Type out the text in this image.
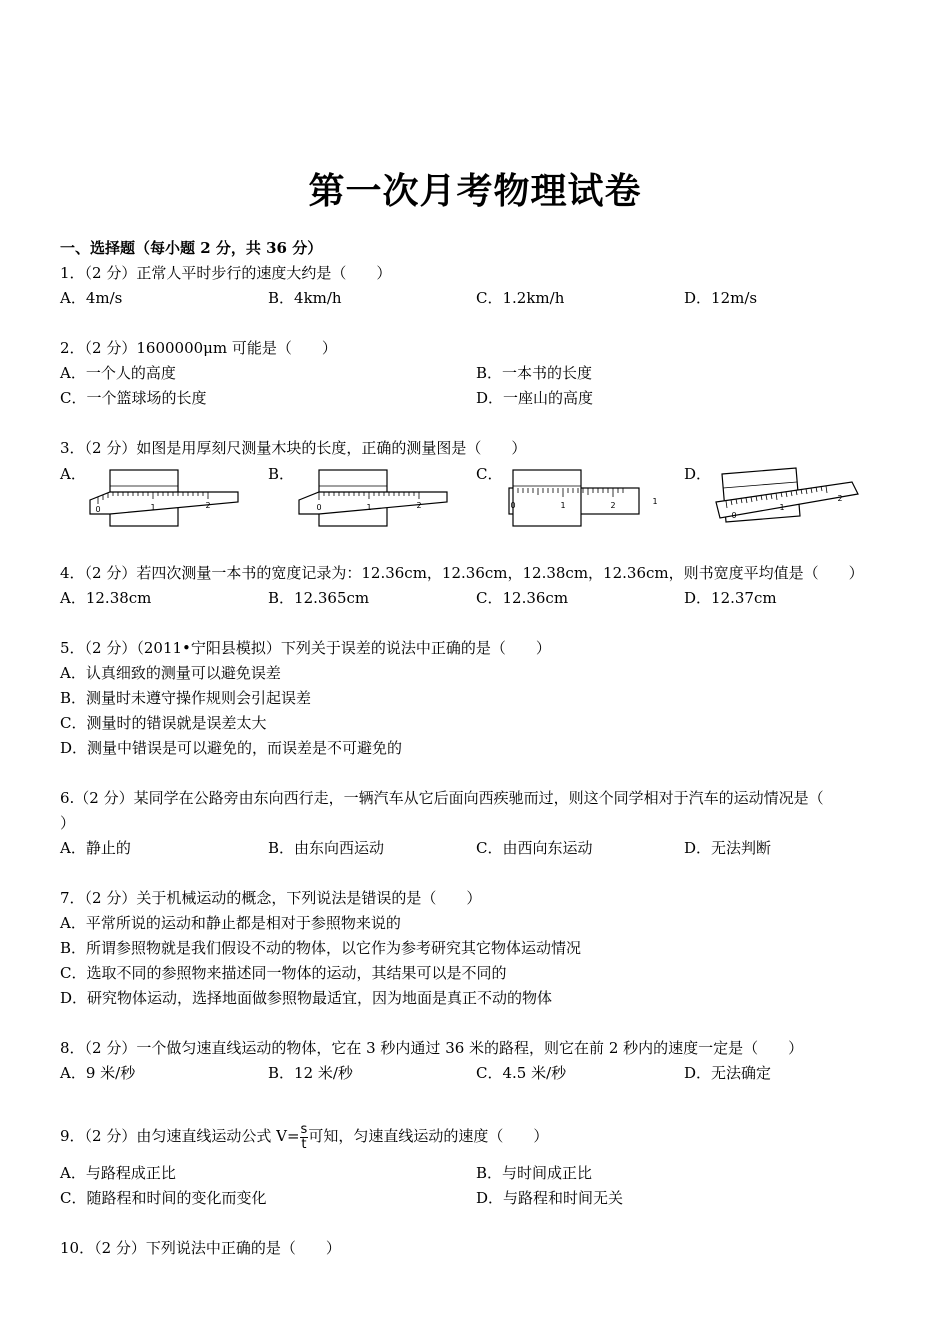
第一次月考物理试卷
一、选择题（每小题 2 分，共 36 分）
1．（2 分）正常人平时步行的速度大约是（　　）
A．4m/s	B．4km/h	C．1.2km/h	D．12m/s
2．（2 分）1600000μm 可能是（　　）
A．一个人的高度	B．一本书的长度
C．一个篮球场的长度	D．一座山的高度
3．（2 分）如图是用厚刻尺测量木块的长度，正确的测量图是（　　）
A．	B．	C．	D．
0	1	2	0	1	2	0	1	2	1
0
1
2
4．（2 分）若四次测量一本书的宽度记录为：12.36cm，12.36cm，12.38cm，12.36cm，则书宽度平均值是（　　）
A．12.38cm	B．12.365cm	C．12.36cm	D．12.37cm
5．（2 分）（2011•宁阳县模拟）下列关于误差的说法中正确的是（　　）
A．认真细致的测量可以避免误差
B．测量时未遵守操作规则会引起误差
C．测量时的错误就是误差太大
D．测量中错误是可以避免的，而误差是不可避免的
6.（2 分）某同学在公路旁由东向西行走，一辆汽车从它后面向西疾驰而过，则这个同学相对于汽车的运动情况是（
）
A．静止的	B．由东向西运动	C．由西向东运动	D．无法判断
7．（2 分）关于机械运动的概念，下列说法是错误的是（　　）
A．平常所说的运动和静止都是相对于参照物来说的
B．所谓参照物就是我们假设不动的物体，以它作为参考研究其它物体运动情况
C．选取不同的参照物来描述同一物体的运动，其结果可以是不同的
D．研究物体运动，选择地面做参照物最适宜，因为地面是真正不动的物体
8．（2 分）一个做匀速直线运动的物体，它在 3 秒内通过 36 米的路程，则它在前 2 秒内的速度一定是（　　）
A．9 米/秒	B．12 米/秒	C．4.5 米/秒	D．无法确定
9．（2 分）由匀速直线运动公式 $V= \frac{s}{t}$ 可知，匀速直线运动的速度（　　）
A．与路程成正比	B．与时间成正比
C．随路程和时间的变化而变化	D．与路程和时间无关
10．（2 分）下列说法中正确的是（　　）
